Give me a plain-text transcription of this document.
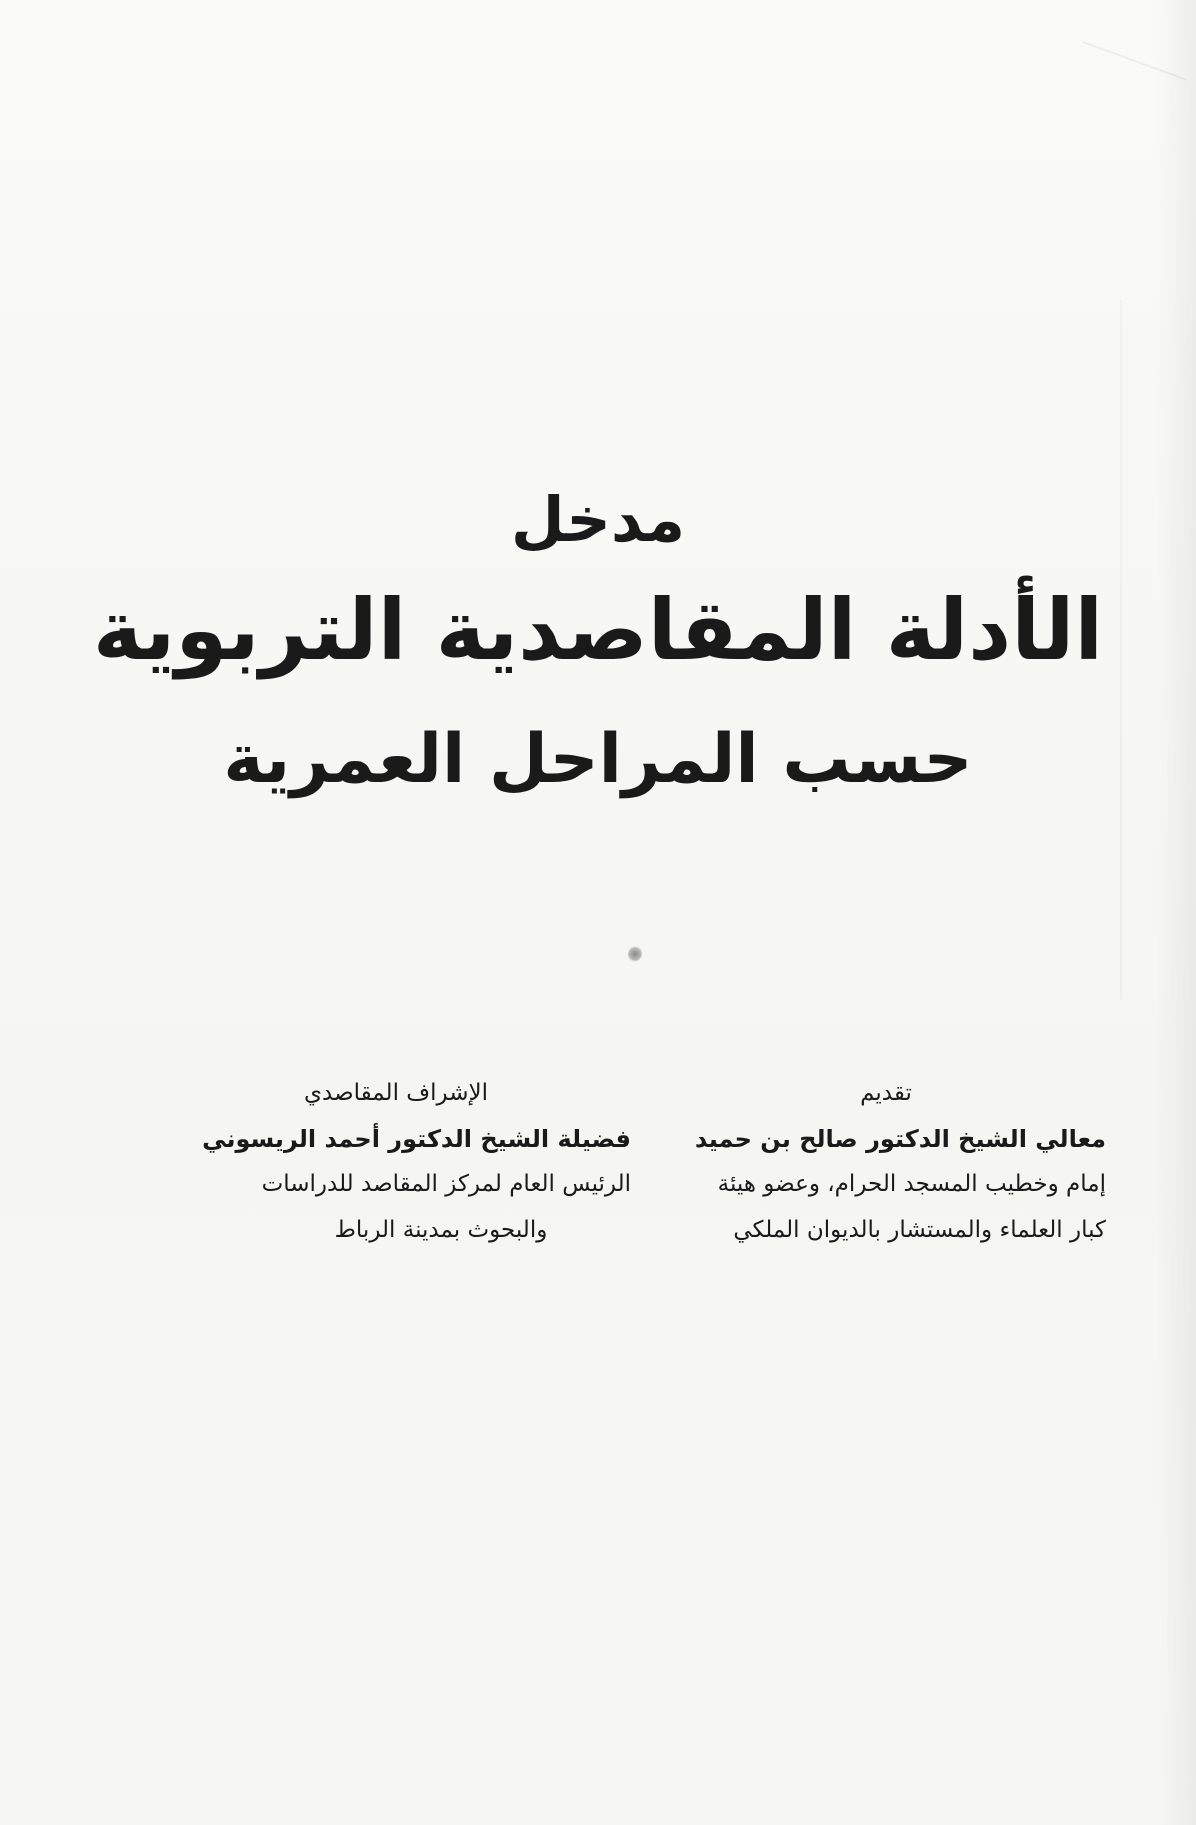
مدخل

الأدلة المقاصدية التربوية

حسب المراحل العمرية

تقديم

معالي الشيخ الدكتور صالح بن حميد

إمام وخطيب المسجد الحرام، وعضو هيئة

كبار العلماء والمستشار بالديوان الملكي

الإشراف المقاصدي

فضيلة الشيخ الدكتور أحمد الريسوني

الرئيس العام لمركز المقاصد للدراسات

والبحوث بمدينة الرباط
